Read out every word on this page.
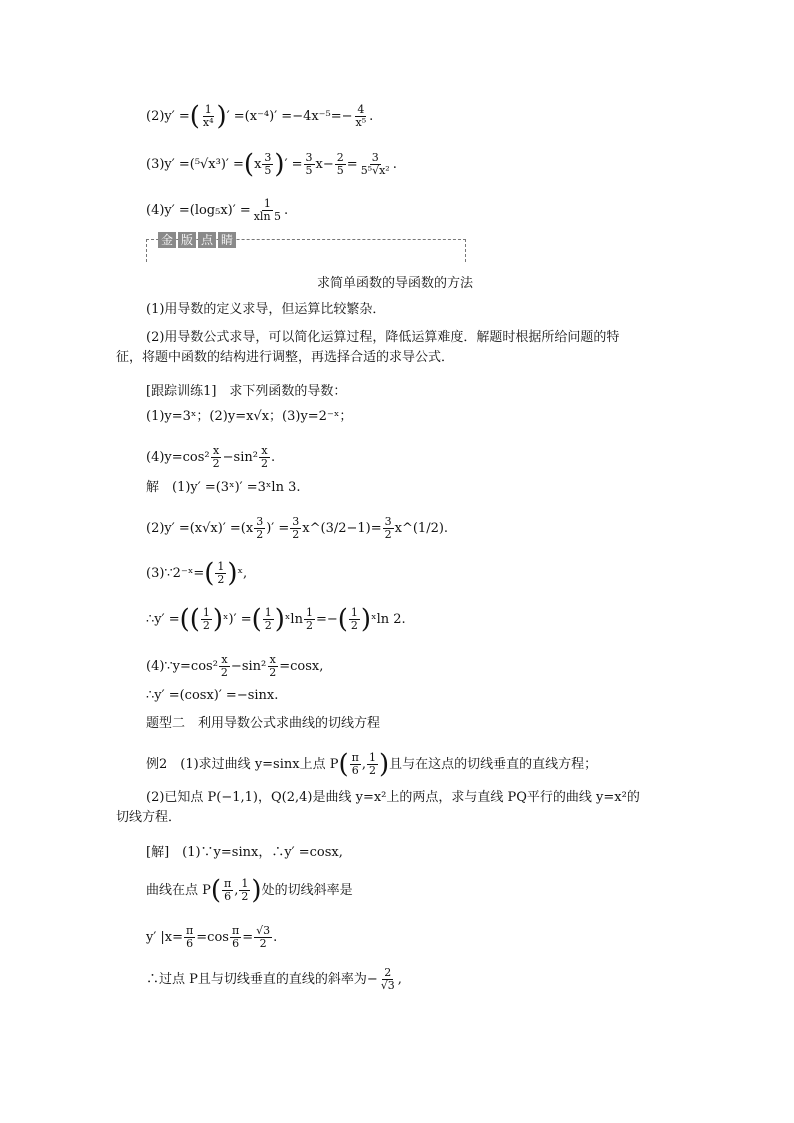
(2)y′ =( $\frac{1}{\text{x⁴}}$ )′ $=(x^{-4})' =-4x^{-5}=- \frac{4}{\text{x⁵}}$ .
$(3)y' =(^5√x^3)' =(x \frac{3}{5}$ )′ = $\frac{3}{5} x- \frac{2}{5} = \frac{3}{\text{5⁵√x²}}$ .
$(4)y' =(\log_5x)' = \frac{1}{xln 5}$ .
金 版 点 睛
求简单函数的导函数的方法
(1)用导数的定义求导，但运算比较繁杂．
(2)用导数公式求导，可以简化运算过程，降低运算难度．解题时根据所给问题的特征，将题中函数的结构进行调整，再选择合适的求导公式．
[跟踪训练1]　求下列函数的导数：
(1)y=3ˣ；(2)y=x√x；(3)y=2⁻ˣ；
$(4)y=\cos^2 \frac{x}{2} -\sin^2 \frac{x}{2}$ .
解　(1)y′ =(3ˣ)′ =3ˣln 3.
$(2)y' =(x√x)' =(x \frac{3}{2}$ )′ = $\frac{3}{2}$ x^(3/2−1)= $\frac{3}{2}$ x^(1/2).
(3)∵2⁻ˣ=( $\frac{1}{2}$ )ˣ,
∴y′ =(( $\frac{1}{2}$ )ˣ)′ =( $\frac{1}{2}$ )ˣln $\frac{1}{2}$ =−( $\frac{1}{2}$ )ˣln 2.
(4)∵y=cos² $\frac{x}{2} -\sin^2 \frac{x}{2} =\cos x$,
∴y′ =(cosx)′ =−sinx.
题型二　利用导数公式求曲线的切线方程
例2　(1)求过曲线 y=sinx上点 $P( \frac{\pi}{6}$ , $\frac{1}{2}$ )且与在这点的切线垂直的直线方程；
(2)已知点 P(−1,1)，Q(2,4)是曲线 y=x²上的两点，求与直线 PQ平行的曲线 y=x²的切线方程．
[解]　(1)∵y=sinx，∴y′ =cosx,
曲线在点 $P( \frac{\pi}{6}$ , $\frac{1}{2}$ )处的切线斜率是
y′ $|x= \frac{\pi}{6} =\cos \frac{\pi}{6} = \frac{√3}{2}$ .
∴过点 P且与切线垂直的直线的斜率为− $\frac{2}{√3}$ ,
